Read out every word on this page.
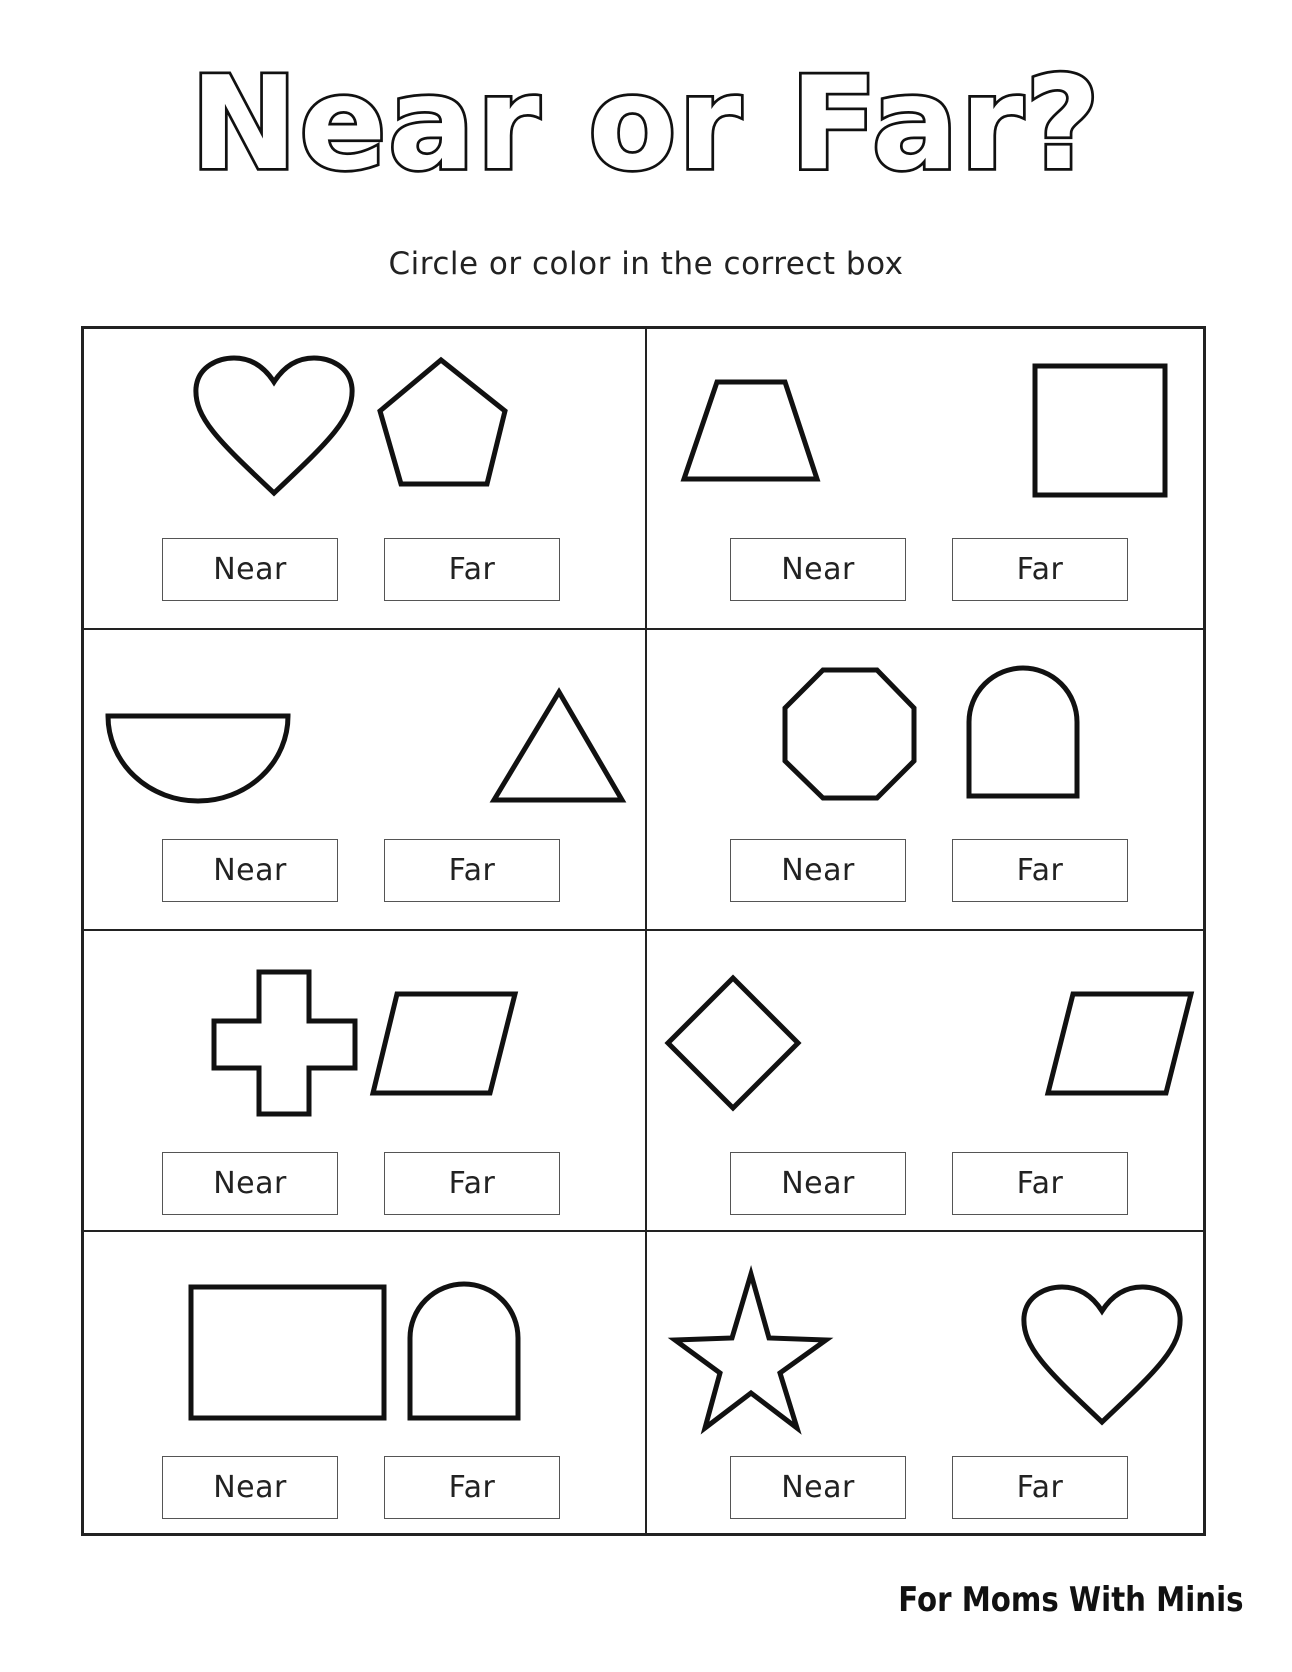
Near or Far?
Circle or color in the correct box
Near	Far	Near	Far
Near	Far	Near	Far
Near	Far	Near	Far
Near	Far	Near	Far
For Moms With Minis
